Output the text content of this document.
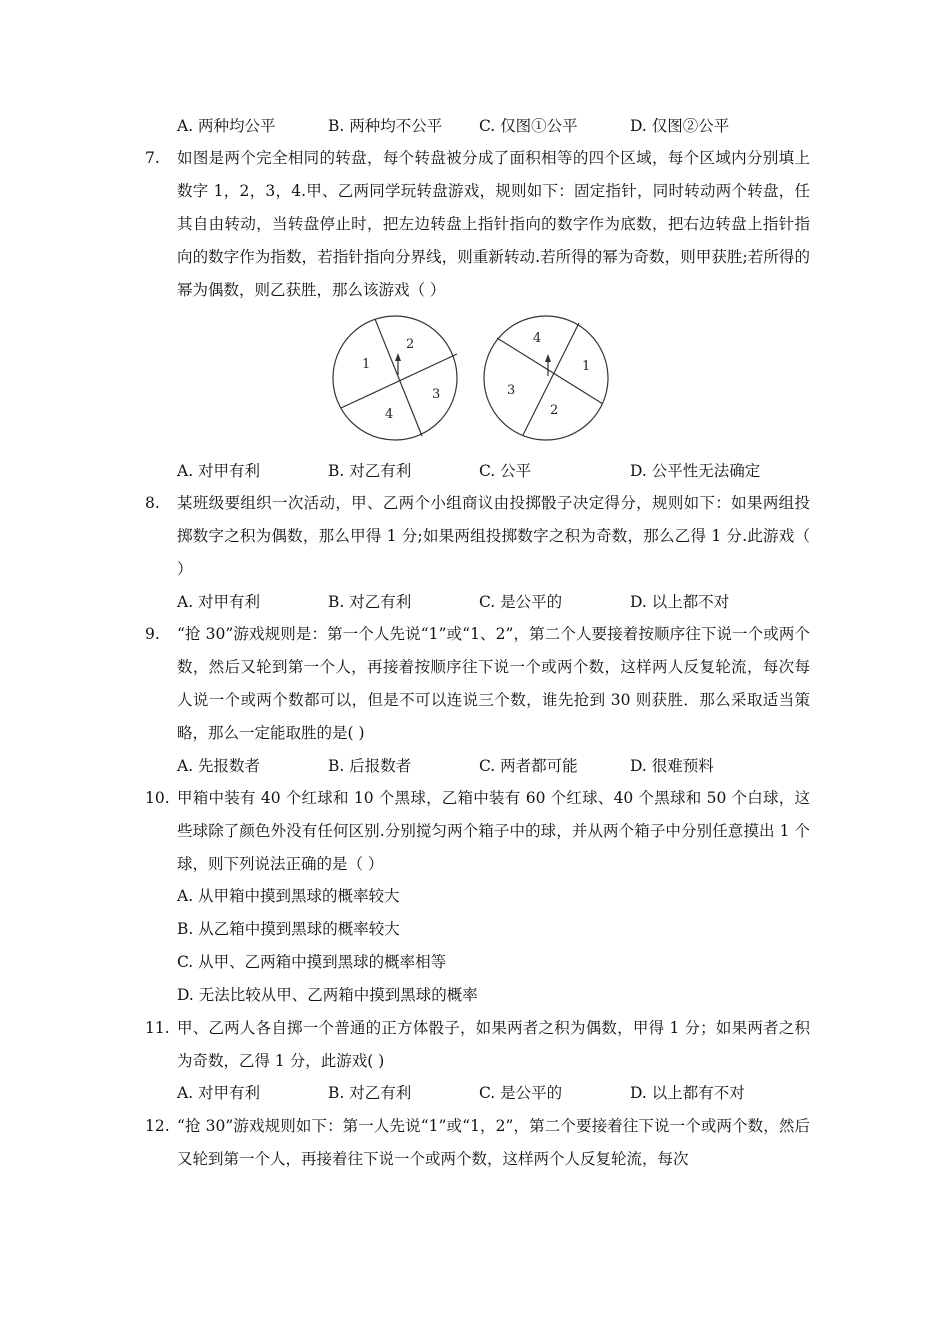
A. 两种均公平	B. 两种均不公平 C. 仅图①公平	D. 仅图②公平
7. 如图是两个完全相同的转盘，每个转盘被分成了面积相等的四个区域，每个区域内分别填上数字 1，2，3，4.甲、乙两同学玩转盘游戏，规则如下：固定指针，同时转动两个转盘，任其自由转动，当转盘停止时，把左边转盘上指针指向的数字作为底数，把右边转盘上指针指向的数字作为指数，若指针指向分界线，则重新转动.若所得的幂为奇数，则甲获胜;若所得的幂为偶数，则乙获胜，那么该游戏（ ）
1
2
3
4
4
1
2
3
A. 对甲有利	B. 对乙有利	C. 公平	D. 公平性无法确定
8. 某班级要组织一次活动，甲、乙两个小组商议由投掷骰子决定得分，规则如下：如果两组投掷数字之积为偶数，那么甲得 1 分;如果两组投掷数字之积为奇数，那么乙得 1 分.此游戏（ ）
A. 对甲有利	B. 对乙有利	C. 是公平的	D. 以上都不对
9. “抢 30”游戏规则是：第一个人先说“1”或“1、2”，第二个人要接着按顺序往下说一个或两个数，然后又轮到第一个人，再接着按顺序往下说一个或两个数，这样两人反复轮流，每次每人说一个或两个数都可以，但是不可以连说三个数，谁先抢到 30 则获胜．那么采取适当策略，那么一定能取胜的是( )
A. 先报数者	B. 后报数者	C. 两者都可能	D. 很难预料
10. 甲箱中装有 40 个红球和 10 个黑球，乙箱中装有 60 个红球、40 个黑球和 50 个白球，这些球除了颜色外没有任何区别.分别搅匀两个箱子中的球，并从两个箱子中分别任意摸出 1 个球，则下列说法正确的是（ ）
A. 从甲箱中摸到黑球的概率较大
B. 从乙箱中摸到黑球的概率较大
C. 从甲、乙两箱中摸到黑球的概率相等
D. 无法比较从甲、乙两箱中摸到黑球的概率
11. 甲、乙两人各自掷一个普通的正方体骰子，如果两者之积为偶数，甲得 1 分；如果两者之积为奇数，乙得 1 分，此游戏( )
A. 对甲有利	B. 对乙有利	C. 是公平的	D. 以上都有不对
12. “抢 30”游戏规则如下：第一人先说“1”或“1，2”，第二个要接着往下说一个或两个数，然后又轮到第一个人，再接着往下说一个或两个数，这样两个人反复轮流，每次
